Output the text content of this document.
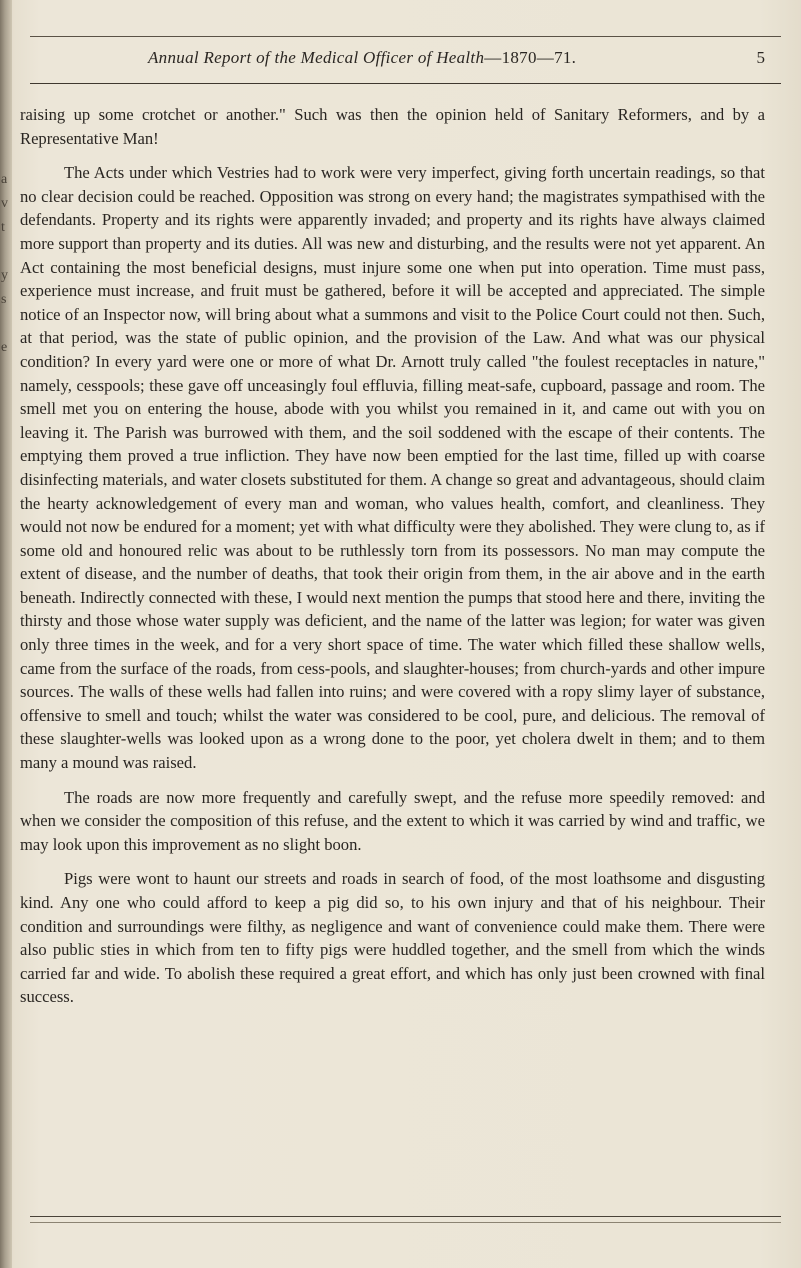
a
v
t
y
s
e
Annual Report of the Medical Officer of Health—1870—71.	5

raising up some crotchet or another." Such was then the opinion held of Sanitary Reformers, and by a Representative Man!

The Acts under which Vestries had to work were very imperfect, giving forth uncertain readings, so that no clear decision could be reached. Opposition was strong on every hand; the magistrates sympathised with the defendants. Property and its rights were apparently invaded; and property and its rights have always claimed more support than property and its duties. All was new and disturbing, and the results were not yet apparent. An Act containing the most beneficial designs, must injure some one when put into operation. Time must pass, experience must increase, and fruit must be gathered, before it will be accepted and appreciated. The simple notice of an Inspector now, will bring about what a summons and visit to the Police Court could not then. Such, at that period, was the state of public opinion, and the provision of the Law. And what was our physical condition? In every yard were one or more of what Dr. Arnott truly called "the foulest receptacles in nature," namely, cesspools; these gave off unceasingly foul effluvia, filling meat-safe, cupboard, passage and room. The smell met you on entering the house, abode with you whilst you remained in it, and came out with you on leaving it. The Parish was burrowed with them, and the soil soddened with the escape of their contents. The emptying them proved a true infliction. They have now been emptied for the last time, filled up with coarse disinfecting materials, and water closets substituted for them. A change so great and advantageous, should claim the hearty acknowledgement of every man and woman, who values health, comfort, and cleanliness. They would not now be endured for a moment; yet with what difficulty were they abolished. They were clung to, as if some old and honoured relic was about to be ruthlessly torn from its possessors. No man may compute the extent of disease, and the number of deaths, that took their origin from them, in the air above and in the earth beneath. Indirectly connected with these, I would next mention the pumps that stood here and there, inviting the thirsty and those whose water supply was deficient, and the name of the latter was legion; for water was given only three times in the week, and for a very short space of time. The water which filled these shallow wells, came from the surface of the roads, from cess-pools, and slaughter-houses; from church-yards and other impure sources. The walls of these wells had fallen into ruins; and were covered with a ropy slimy layer of substance, offensive to smell and touch; whilst the water was considered to be cool, pure, and delicious. The removal of these slaughter-wells was looked upon as a wrong done to the poor, yet cholera dwelt in them; and to them many a mound was raised.

The roads are now more frequently and carefully swept, and the refuse more speedily removed: and when we consider the composition of this refuse, and the extent to which it was carried by wind and traffic, we may look upon this improvement as no slight boon.

Pigs were wont to haunt our streets and roads in search of food, of the most loathsome and disgusting kind. Any one who could afford to keep a pig did so, to his own injury and that of his neighbour. Their condition and surroundings were filthy, as negligence and want of convenience could make them. There were also public sties in which from ten to fifty pigs were huddled together, and the smell from which the winds carried far and wide. To abolish these required a great effort, and which has only just been crowned with final success.
